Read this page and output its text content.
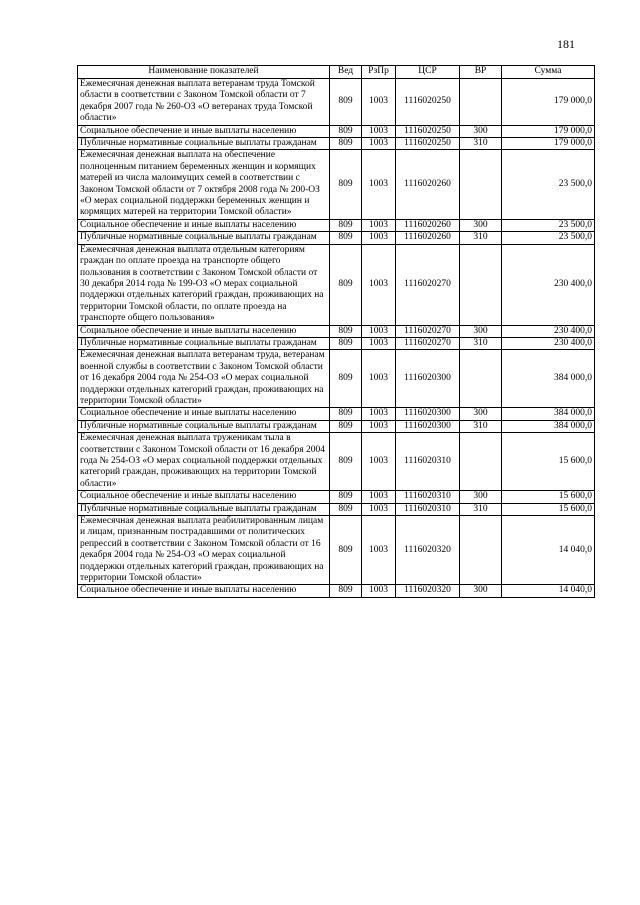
181
Наименование показателей	Вед	РзПр	ЦСР	ВР	Сумма
Ежемесячная денежная выплата ветеранам труда Томской области в соответствии с Законом Томской области от 7 декабря 2007 года № 260-ОЗ «О ветеранах труда Томской области»	809	1003	1116020250		179 000,0
Социальное обеспечение и иные выплаты населению	809	1003	1116020250	300	179 000,0
Публичные нормативные социальные выплаты гражданам	809	1003	1116020250	310	179 000,0
Ежемесячная денежная выплата на обеспечение полноценным питанием беременных женщин и кормящих матерей из числа малоимущих семей в соответствии с Законом Томской области от 7 октября 2008 года № 200-ОЗ «О мерах социальной поддержки беременных женщин и кормящих матерей на территории Томской области»	809	1003	1116020260		23 500,0
Социальное обеспечение и иные выплаты населению	809	1003	1116020260	300	23 500,0
Публичные нормативные социальные выплаты гражданам	809	1003	1116020260	310	23 500,0
Ежемесячная денежная выплата отдельным категориям граждан по оплате проезда на транспорте общего пользования в соответствии с Законом Томской области от 30 декабря 2014 года № 199-ОЗ «О мерах социальной поддержки отдельных категорий граждан, проживающих на территории Томской области, по оплате проезда на транспорте общего пользования»	809	1003	1116020270		230 400,0
Социальное обеспечение и иные выплаты населению	809	1003	1116020270	300	230 400,0
Публичные нормативные социальные выплаты гражданам	809	1003	1116020270	310	230 400,0
Ежемесячная денежная выплата ветеранам труда, ветеранам военной службы в соответствии с Законом Томской области от 16 декабря 2004 года № 254-ОЗ «О мерах социальной поддержки отдельных категорий граждан, проживающих на территории Томской области»	809	1003	1116020300		384 000,0
Социальное обеспечение и иные выплаты населению	809	1003	1116020300	300	384 000,0
Публичные нормативные социальные выплаты гражданам	809	1003	1116020300	310	384 000,0
Ежемесячная денежная выплата труженикам тыла в соответствии с Законом Томской области от 16 декабря 2004 года № 254-ОЗ «О мерах социальной поддержки отдельных категорий граждан, проживающих на территории Томской области»	809	1003	1116020310		15 600,0
Социальное обеспечение и иные выплаты населению	809	1003	1116020310	300	15 600,0
Публичные нормативные социальные выплаты гражданам	809	1003	1116020310	310	15 600,0
Ежемесячная денежная выплата реабилитированным лицам и лицам, признанным пострадавшими от политических репрессий в соответствии с Законом Томской области от 16 декабря 2004 года № 254-ОЗ «О мерах социальной поддержки отдельных категорий граждан, проживающих на территории Томской области»	809	1003	1116020320		14 040,0
Социальное обеспечение и иные выплаты населению	809	1003	1116020320	300	14 040,0
